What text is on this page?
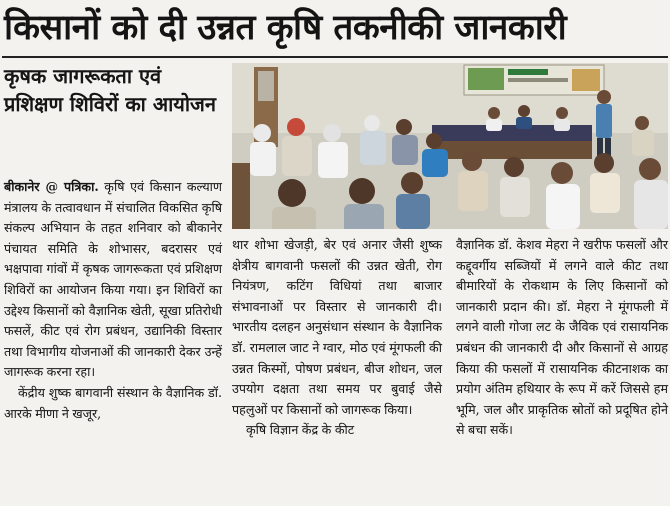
किसानों को दी उन्नत कृषि तकनीकी जानकारी
कृषक जागरूकता एवं प्रशिक्षण शिविरों का आयोजन

बीकानेर @ पत्रिका. कृषि एवं किसान कल्याण मंत्रालय के तत्वावधान में संचालित विकसित कृषि संकल्प अभियान के तहत शनिवार को बीकानेर पंचायत समिति के शोभासर, बदरासर एवं भक्षपावा गांवों में कृषक जागरूकता एवं प्रशिक्षण शिविरों का आयोजन किया गया। इन शिविरों का उद्देश्य किसानों को वैज्ञानिक खेती, सूखा प्रतिरोधी फसलें, कीट एवं रोग प्रबंधन, उद्यानिकी विस्तार तथा विभागीय योजनाओं की जानकारी देकर उन्हें जागरूक करना रहा।

केंद्रीय शुष्क बागवानी संस्थान के वैज्ञानिक डॉ. आरके मीणा ने खजूर,

थार शोभा खेजड़ी, बेर एवं अनार जैसी शुष्क क्षेत्रीय बागवानी फसलों की उन्नत खेती, रोग नियंत्रण, कटिंग विधियां तथा बाजार संभावनाओं पर विस्तार से जानकारी दी। भारतीय दलहन अनुसंधान संस्थान के वैज्ञानिक डॉ. रामलाल जाट ने ग्वार, मोठ एवं मूंगफली की उन्नत किस्मों, पोषण प्रबंधन, बीज शोधन, जल उपयोग दक्षता तथा समय पर बुवाई जैसे पहलुओं पर किसानों को जागरूक किया।

कृषि विज्ञान केंद्र के कीट

वैज्ञानिक डॉ. केशव मेहरा ने खरीफ फसलों और कद्दूवर्गीय सब्जियों में लगने वाले कीट तथा बीमारियों के रोकथाम के लिए किसानों को जानकारी प्रदान की। डॉ. मेहरा ने मूंगफली में लगने वाली गोजा लट के जैविक एवं रासायनिक प्रबंधन की जानकारी दी और किसानों से आग्रह किया की फसलों में रासायनिक कीटनाशक का प्रयोग अंतिम हथियार के रूप में करें जिससे हम भूमि, जल और प्राकृतिक स्रोतों को प्रदूषित होने से बचा सकें।
